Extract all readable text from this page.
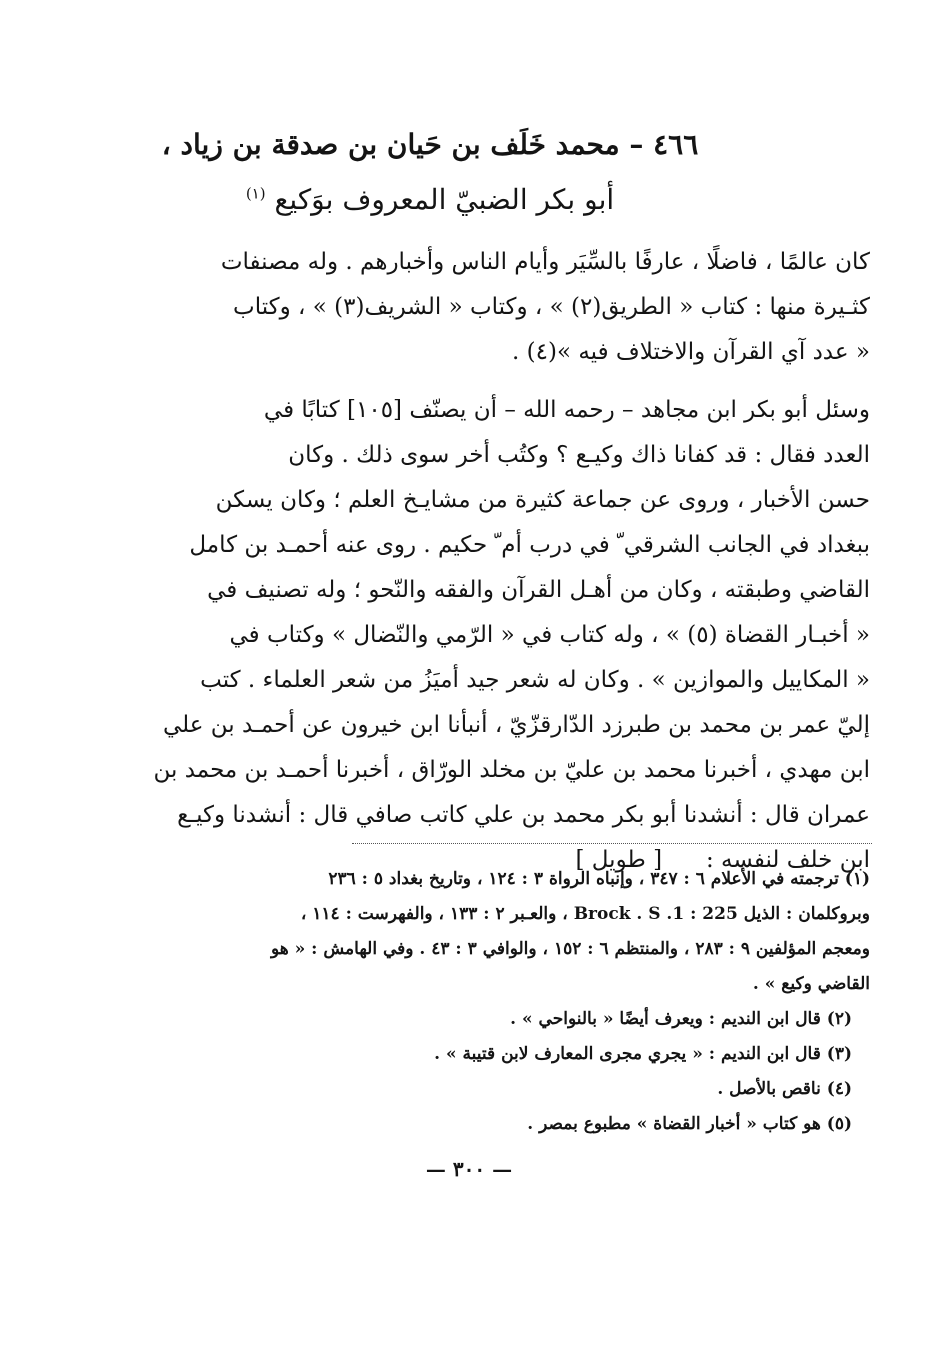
٤٦٦ – محمد خَلَف بن حَيان بن صدقة بن زياد ،
أبو بكر الضبيّ المعروف بوَكيع $^{(١)}$
كان عالمًا ، فاضلًا ، عارفًا بالسِّيَر وأيام الناس وأخبارهم . وله مصنفات
كثـيرة منها : كتاب « الطريق(٢) » ، وكتاب « الشريف(٣) » ، وكتاب
« عدد آي القرآن والاختلاف فيه »(٤) .
وسئل أبو بكر ابن مجاهد – رحمه الله – أن يصنّف [١٠٥] كتابًا في
العدد فقال : قد كفانا ذاك وكيـع ؟ وكتُب أخر سوى ذلك . وكان
حسن الأخبار ، وروى عن جماعة كثيرة من مشايـخ العلم ؛ وكان يسكن
ببغداد في الجانب الشرقي ّ في درب أم ّ حكيم . روى عنه أحمـد بن كامل
القاضي وطبقته ، وكان من أهـل القرآن والفقه والنّحو ؛ وله تصنيف في
« أخبـار القضاة (٥) » ، وله كتاب في « الرّمي والنّضال » وكتاب في
« المكاييل والموازين » . وكان له شعر جيد أميَزُ من شعر العلماء . كتب
إليّ عمر بن محمد بن طبرزد الدّارقزّيّ ، أنبأنا ابن خيرون عن أحمـد بن علي
ابن مهدي ، أخبرنا محمد بن عليّ بن مخلد الورّاق ، أخبرنا أحمـد بن محمد بن
عمران قال : أنشدنا أبو بكر محمد بن علي كاتب صافي قال : أنشدنا وكيـع
ابن خلف لنفسه :      [ طويل ]
(١) ترجمته في الأعلام ٦ : ٣٤٧ ، وإنباه الرواة ٣ : ١٢٤ ، وتاريخ بغداد ٥ : ٢٣٦
وبروكلمان : الذيل Brock . S .1 : 225 ، والعـبر ٢ : ١٣٣ ، والفهرست : ١١٤ ،
ومعجم المؤلفين ٩ : ٢٨٣ ، والمنتظم ٦ : ١٥٢ ، والوافي ٣ : ٤٣ . وفي الهامش : « هو
القاضي وكيع » .
(٢) قال ابن النديم : ويعرف أيضًا « بالنواحي » .
(٣) قال ابن النديم : « يجري مجرى المعارف لابن قتيبة » .
(٤) ناقص بالأصل .
(٥) هو كتاب « أخبار القضاة » مطبوع بمصر .
— ٣٠٠ —
